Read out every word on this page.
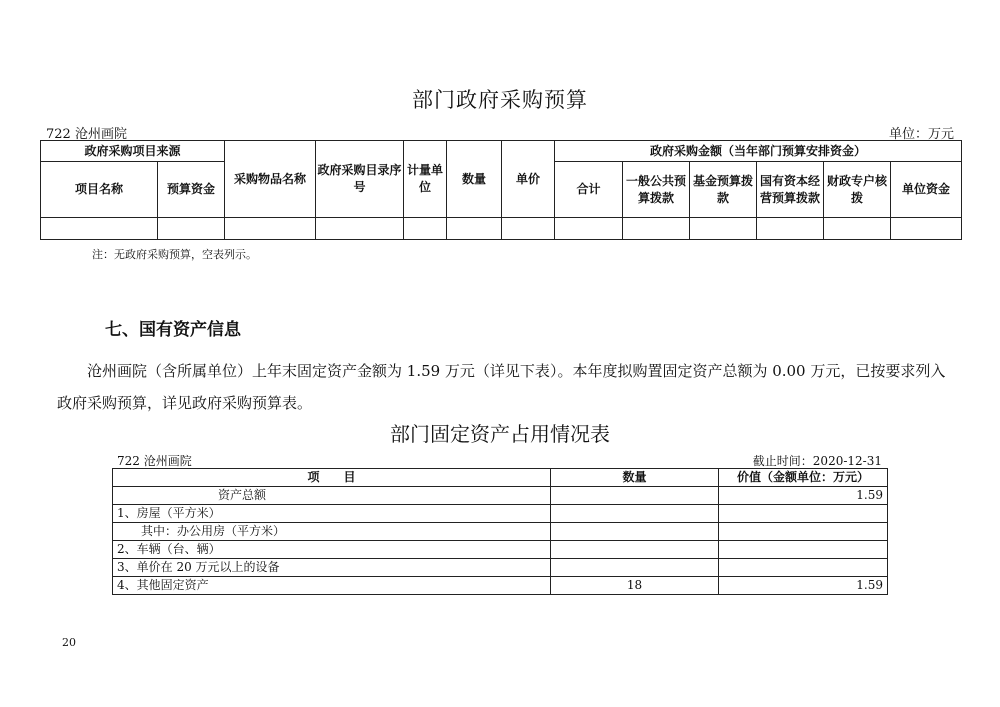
部门政府采购预算
722 沧州画院	单位：万元
政府采购项目来源		采购物品名称	政府采购目录序号	计量单位	数量	单价	政府采购金额（当年部门预算安排资金）					
项目名称	预算资金						合计	一般公共预算拨款	基金预算拨款	国有资本经营预算拨款	财政专户核拨	单位资金

注：无政府采购预算，空表列示。
七、国有资产信息
沧州画院（含所属单位）上年末固定资产金额为 1.59 万元（详见下表）。本年度拟购置固定资产总额为 0.00 万元，已按要求列入政府采购预算，详见政府采购预算表。
部门固定资产占用情况表
722 沧州画院	截止时间：2020-12-31
项　　目	数量	价值（金额单位：万元）
资产总额		1.59
1、房屋（平方米）		
其中：办公用房（平方米）		
2、车辆（台、辆）		
3、单价在 20 万元以上的设备		
4、其他固定资产	18	1.59
20
